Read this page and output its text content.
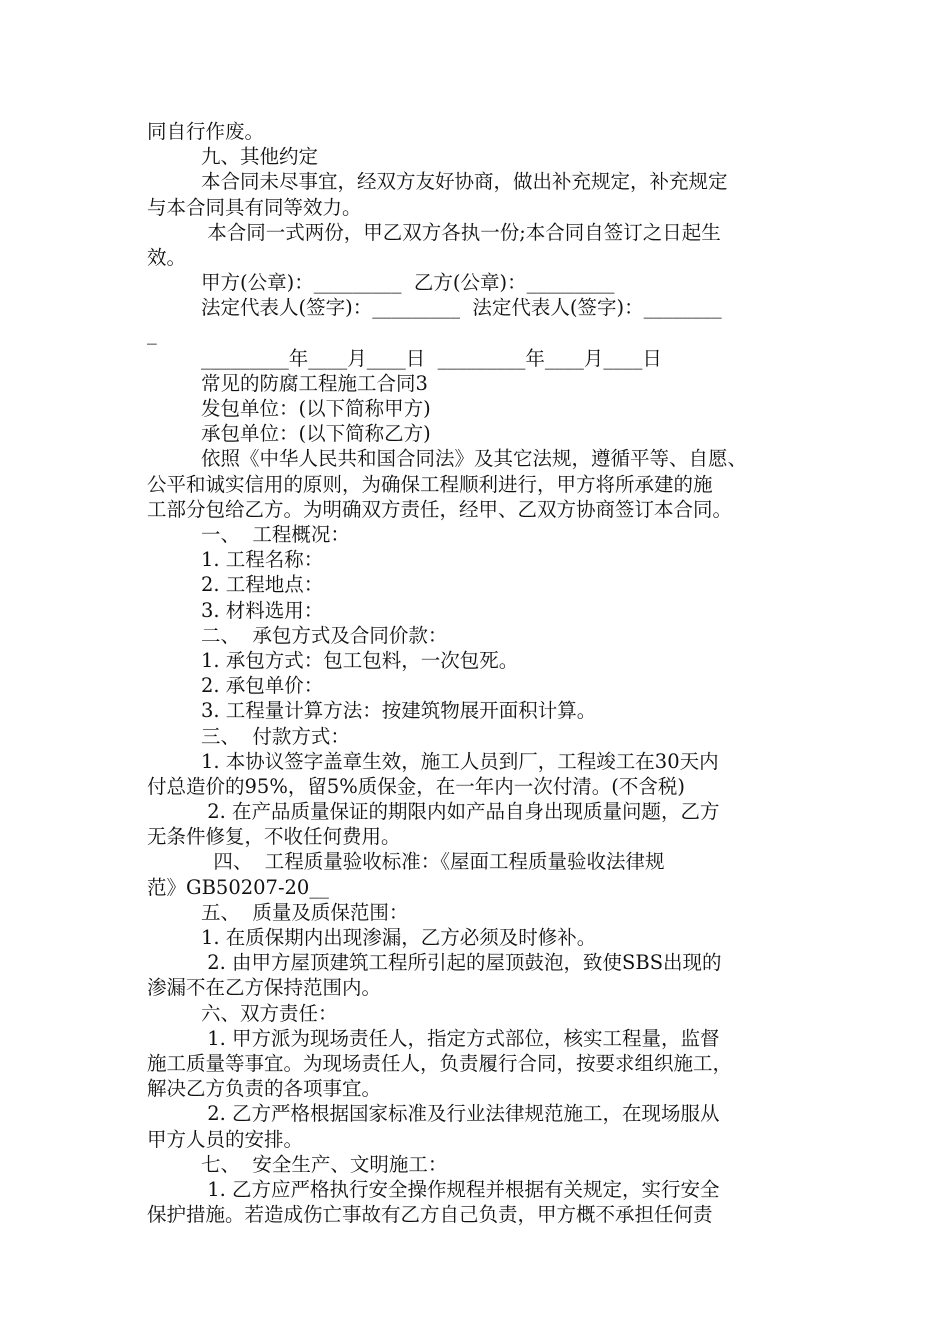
同自行作废。
九、其他约定
本合同未尽事宜，经双方友好协商，做出补充规定，补充规定
与本合同具有同等效力。
本合同一式两份，甲乙双方各执一份;本合同自签订之日起生
效。
甲方(公章)：_________  乙方(公章)：_________
法定代表人(签字)：_________  法定代表人(签字)：________
_
_________年____月____日  _________年____月____日
常见的防腐工程施工合同3
发包单位：(以下简称甲方)
承包单位：(以下简称乙方)
依照《中华人民共和国合同法》及其它法规，遵循平等、自愿、
公平和诚实信用的原则，为确保工程顺利进行，甲方将所承建的施
工部分包给乙方。为明确双方责任，经甲、乙双方协商签订本合同。
一、  工程概况：
1. 工程名称：
2. 工程地点：
3. 材料选用：
二、  承包方式及合同价款：
1. 承包方式：包工包料，一次包死。
2. 承包单价：
3. 工程量计算方法：按建筑物展开面积计算。
三、  付款方式：
1. 本协议签字盖章生效，施工人员到厂，工程竣工在30天内
付总造价的95%，留5%质保金，在一年内一次付清。(不含税)
2. 在产品质量保证的期限内如产品自身出现质量问题，乙方
无条件修复，不收任何费用。
四、  工程质量验收标准：《屋面工程质量验收法律规
范》GB50207-20__
五、  质量及质保范围：
1. 在质保期内出现渗漏，乙方必须及时修补。
2. 由甲方屋顶建筑工程所引起的屋顶鼓泡，致使SBS出现的
渗漏不在乙方保持范围内。
六、双方责任：
1. 甲方派为现场责任人，指定方式部位，核实工程量，监督
施工质量等事宜。为现场责任人，负责履行合同，按要求组织施工，
解决乙方负责的各项事宜。
2. 乙方严格根据国家标准及行业法律规范施工，在现场服从
甲方人员的安排。
七、  安全生产、文明施工：
1. 乙方应严格执行安全操作规程并根据有关规定，实行安全
保护措施。若造成伤亡事故有乙方自己负责，甲方概不承担任何责
